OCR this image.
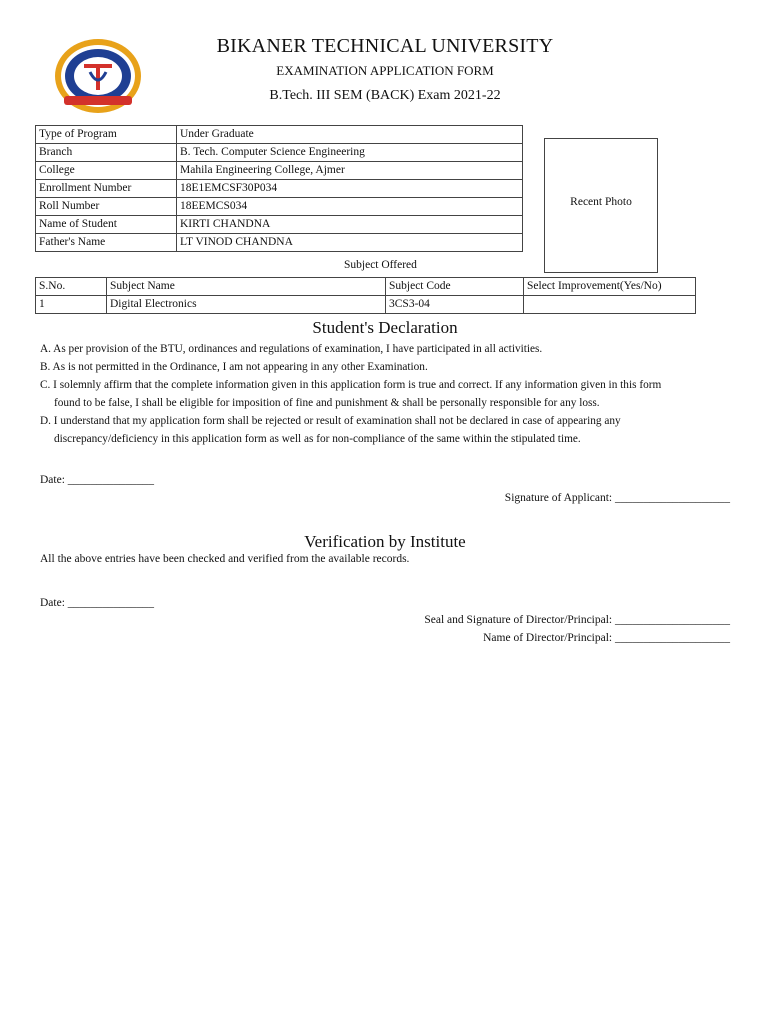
BIKANER TECHNICAL UNIVERSITY
EXAMINATION APPLICATION FORM
B.Tech. III SEM (BACK) Exam 2021-22
Type of Program	Under Graduate
Branch	B. Tech. Computer Science Engineering
College	Mahila Engineering College, Ajmer
Enrollment Number	18E1EMCSF30P034
Roll Number	18EEMCS034
Name of Student	KIRTI CHANDNA
Father's Name	LT VINOD CHANDNA
Recent Photo
Subject Offered
S.No.	Subject Name	Subject Code	Select Improvement(Yes/No)
1	Digital Electronics	3CS3-04	
Student's Declaration
A. As per provision of the BTU, ordinances and regulations of examination, I have participated in all activities.
B. As is not permitted in the Ordinance, I am not appearing in any other Examination.
C. I solemnly affirm that the complete information given in this application form is true and correct. If any information given in this form
found to be false, I shall be eligible for imposition of fine and punishment & shall be personally responsible for any loss.
D. I understand that my application form shall be rejected or result of examination shall not be declared in case of appearing any
discrepancy/deficiency in this application form as well as for non-compliance of the same within the stipulated time.
Date: _______________
Signature of Applicant: ____________________
Verification by Institute
All the above entries have been checked and verified from the available records.
Date: _______________
Seal and Signature of Director/Principal: ____________________
Name of Director/Principal: ____________________
